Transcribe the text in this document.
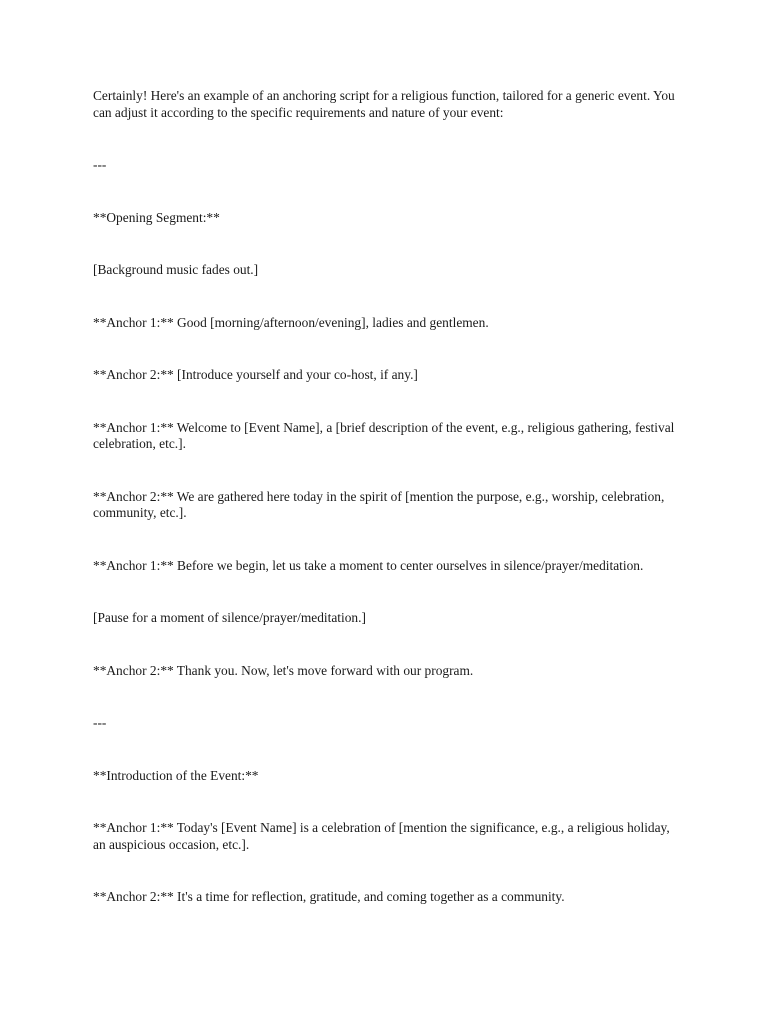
Certainly! Here's an example of an anchoring script for a religious function, tailored for a generic event. You can adjust it according to the specific requirements and nature of your event:

---

**Opening Segment:**

[Background music fades out.]

**Anchor 1:** Good [morning/afternoon/evening], ladies and gentlemen.

**Anchor 2:** [Introduce yourself and your co-host, if any.]

**Anchor 1:** Welcome to [Event Name], a [brief description of the event, e.g., religious gathering, festival celebration, etc.].

**Anchor 2:** We are gathered here today in the spirit of [mention the purpose, e.g., worship, celebration, community, etc.].

**Anchor 1:** Before we begin, let us take a moment to center ourselves in silence/prayer/meditation.

[Pause for a moment of silence/prayer/meditation.]

**Anchor 2:** Thank you. Now, let's move forward with our program.

---

**Introduction of the Event:**

**Anchor 1:** Today's [Event Name] is a celebration of [mention the significance, e.g., a religious holiday, an auspicious occasion, etc.].

**Anchor 2:** It's a time for reflection, gratitude, and coming together as a community.
